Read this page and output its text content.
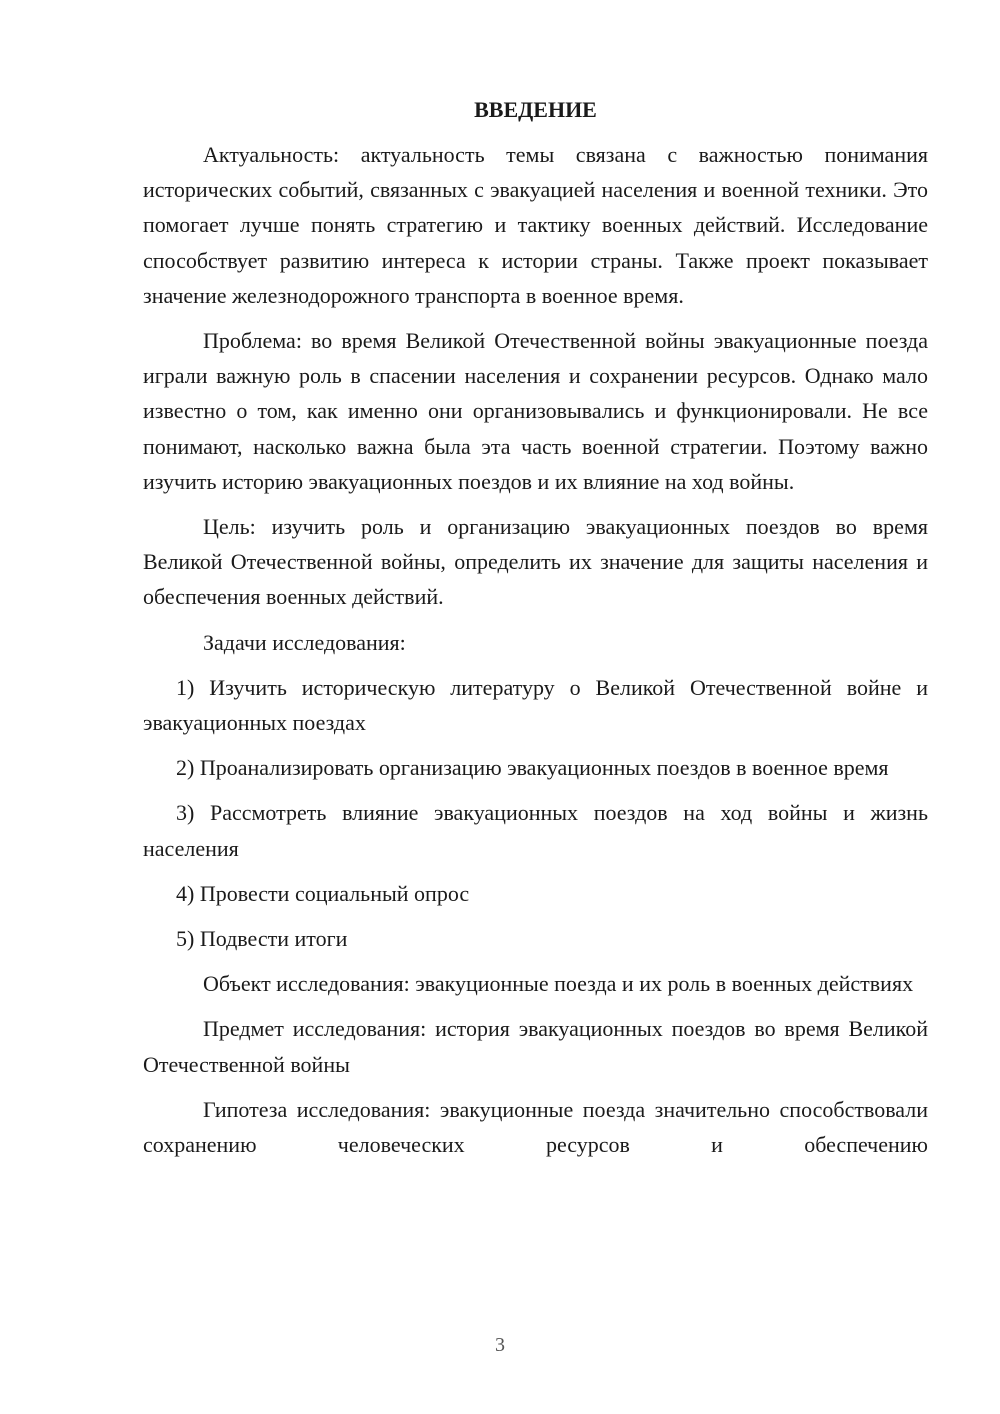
ВВЕДЕНИЕ

Актуальность: актуальность темы связана с важностью понимания исторических событий, связанных с эвакуацией населения и военной техники. Это помогает лучше понять стратегию и тактику военных действий. Исследование способствует развитию интереса к истории страны. Также проект показывает значение железнодорожного транспорта в военное время.

Проблема: во время Великой Отечественной войны эвакуационные поезда играли важную роль в спасении населения и сохранении ресурсов. Однако мало известно о том, как именно они организовывались и функционировали. Не все понимают, насколько важна была эта часть военной стратегии. Поэтому важно изучить историю эвакуационных поездов и их влияние на ход войны.

Цель: изучить роль и организацию эвакуационных поездов во время Великой Отечественной войны, определить их значение для защиты населения и обеспечения военных действий.

Задачи исследования:

1) Изучить историческую литературу о Великой Отечественной войне и эвакуационных поездах

2) Проанализировать организацию эвакуационных поездов в военное время

3) Рассмотреть влияние эвакуационных поездов на ход войны и жизнь населения

4) Провести социальный опрос

5) Подвести итоги

Объект исследования: эвакуционные поезда и их роль в военных действиях

Предмет исследования: история эвакуационных поездов во время Великой Отечественной войны

Гипотеза исследования: эвакуционные поезда значительно способствовали сохранению человеческих ресурсов и обеспечению

3
